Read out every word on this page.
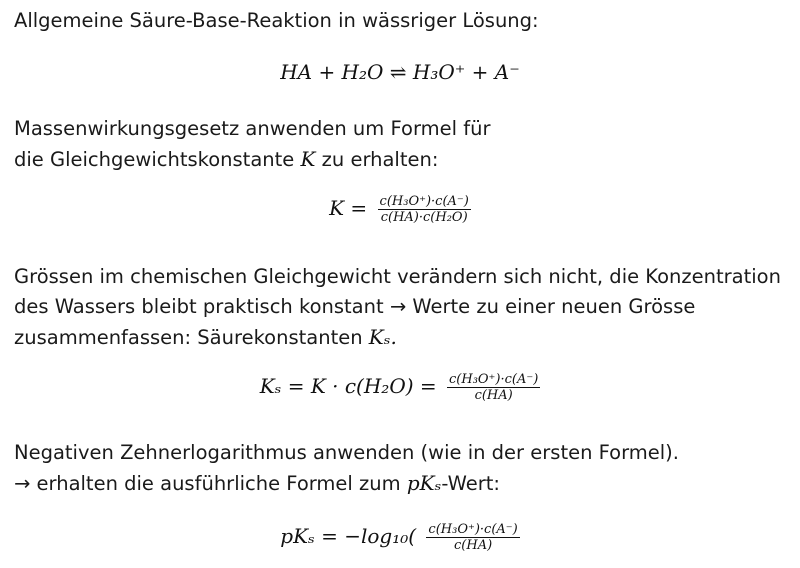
Allgemeine Säure-Base-Reaktion in wässriger Lösung:
HA + H₂O ⇌ H₃O⁺ + A⁻
Massenwirkungsgesetz anwenden um Formel für
die Gleichgewichtskonstante K zu erhalten:
$K = \frac{\text{c(H₃O⁺)·c(A⁻)}}{\text{c(HA)·c(H₂O)}}$
Grössen im chemischen Gleichgewicht verändern sich nicht, die Konzentration
des Wassers bleibt praktisch konstant → Werte zu einer neuen Grösse
zusammenfassen: Säurekonstanten Kₛ.
$K_s = K \cdot c(H_2O) = \frac{\text{c(H₃O⁺)·c(A⁻)}}{c(HA)}$
Negativen Zehnerlogarithmus anwenden (wie in der ersten Formel).
→ erhalten die ausführliche Formel zum pKₛ-Wert:
$pK_s = -\log_{10}( \frac{\text{c(H₃O⁺)·c(A⁻)}}{c(HA)}$
